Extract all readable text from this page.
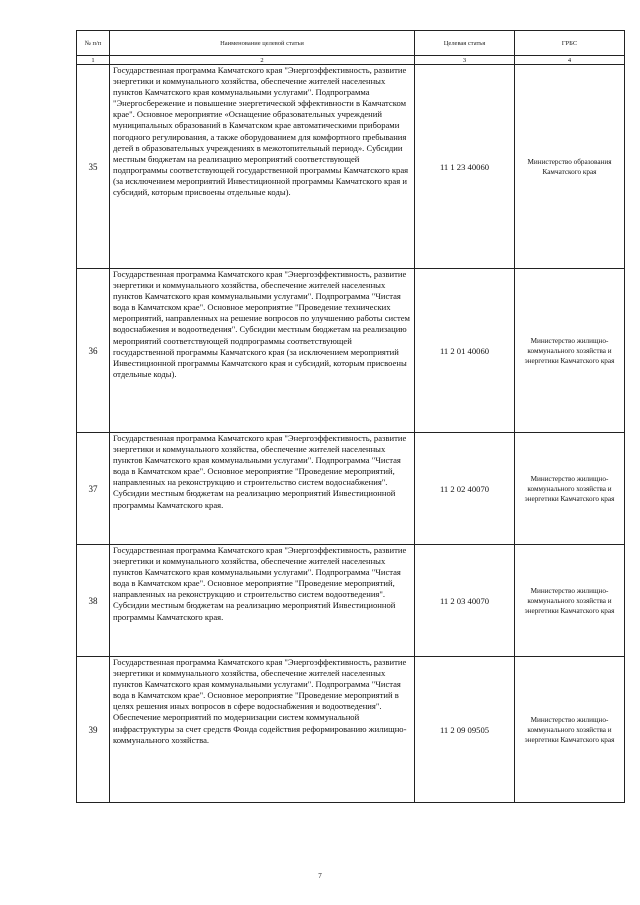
№ п/п	Наименование целевой статьи	Целевая статья	ГРБС
1	2	3	4
35	Государственная программа Камчатского края "Энергоэффективность, развитие энергетики и коммунального хозяйства, обеспечение жителей населенных пунктов Камчатского края коммунальными услугами". Подпрограмма "Энергосбережение и повышение энергетической эффективности в Камчатском крае". Основное мероприятие «Оснащение образовательных учреждений муниципальных образований в Камчатском крае автоматическими приборами погодного регулирования, а также оборудованием для комфортного пребывания детей в образовательных учреждениях в межотопительный период». Субсидии местным бюджетам на реализацию мероприятий соответствующей подпрограммы соответствующей государственной программы Камчатского края (за исключением мероприятий Инвестиционной программы Камчатского края и субсидий, которым присвоены отдельные коды).	11 1 23 40060	Министерство образования Камчатского края
36	Государственная программа Камчатского края "Энергоэффективность, развитие энергетики и коммунального хозяйства, обеспечение жителей населенных пунктов Камчатского края коммунальными услугами". Подпрограмма "Чистая вода в Камчатском крае". Основное мероприятие "Проведение технических мероприятий, направленных на решение вопросов по улучшению работы систем водоснабжения и водоотведения". Субсидии местным бюджетам на реализацию мероприятий соответствующей подпрограммы соответствующей государственной программы Камчатского края (за исключением мероприятий Инвестиционной программы Камчатского края и субсидий, которым присвоены отдельные коды).	11 2 01 40060	Министерство жилищно-коммунального хозяйства и энергетики Камчатского края
37	Государственная программа Камчатского края "Энергоэффективность, развитие энергетики и коммунального хозяйства, обеспечение жителей населенных пунктов Камчатского края коммунальными услугами". Подпрограмма "Чистая вода в Камчатском крае". Основное мероприятие "Проведение мероприятий, направленных на реконструкцию и строительство систем водоснабжения". Субсидии местным бюджетам на реализацию мероприятий Инвестиционной программы Камчатского края.	11 2 02 40070	Министерство жилищно-коммунального хозяйства и энергетики Камчатского края
38	Государственная программа Камчатского края "Энергоэффективность, развитие энергетики и коммунального хозяйства, обеспечение жителей населенных пунктов Камчатского края коммунальными услугами". Подпрограмма "Чистая вода в Камчатском крае". Основное мероприятие "Проведение мероприятий, направленных на реконструкцию и строительство систем водоотведения". Субсидии местным бюджетам на реализацию мероприятий Инвестиционной программы Камчатского края.	11 2 03 40070	Министерство жилищно-коммунального хозяйства и энергетики Камчатского края
39	Государственная программа Камчатского края "Энергоэффективность, развитие энергетики и коммунального хозяйства, обеспечение жителей населенных пунктов Камчатского края коммунальными услугами". Подпрограмма "Чистая вода в Камчатском крае". Основное мероприятие "Проведение мероприятий в целях решения иных вопросов в сфере водоснабжения и водоотведения". Обеспечение мероприятий по модернизации систем коммунальной инфраструктуры за счет средств Фонда содействия реформированию жилищно-коммунального хозяйства.	11 2 09 09505	Министерство жилищно-коммунального хозяйства и энергетики Камчатского края
7
